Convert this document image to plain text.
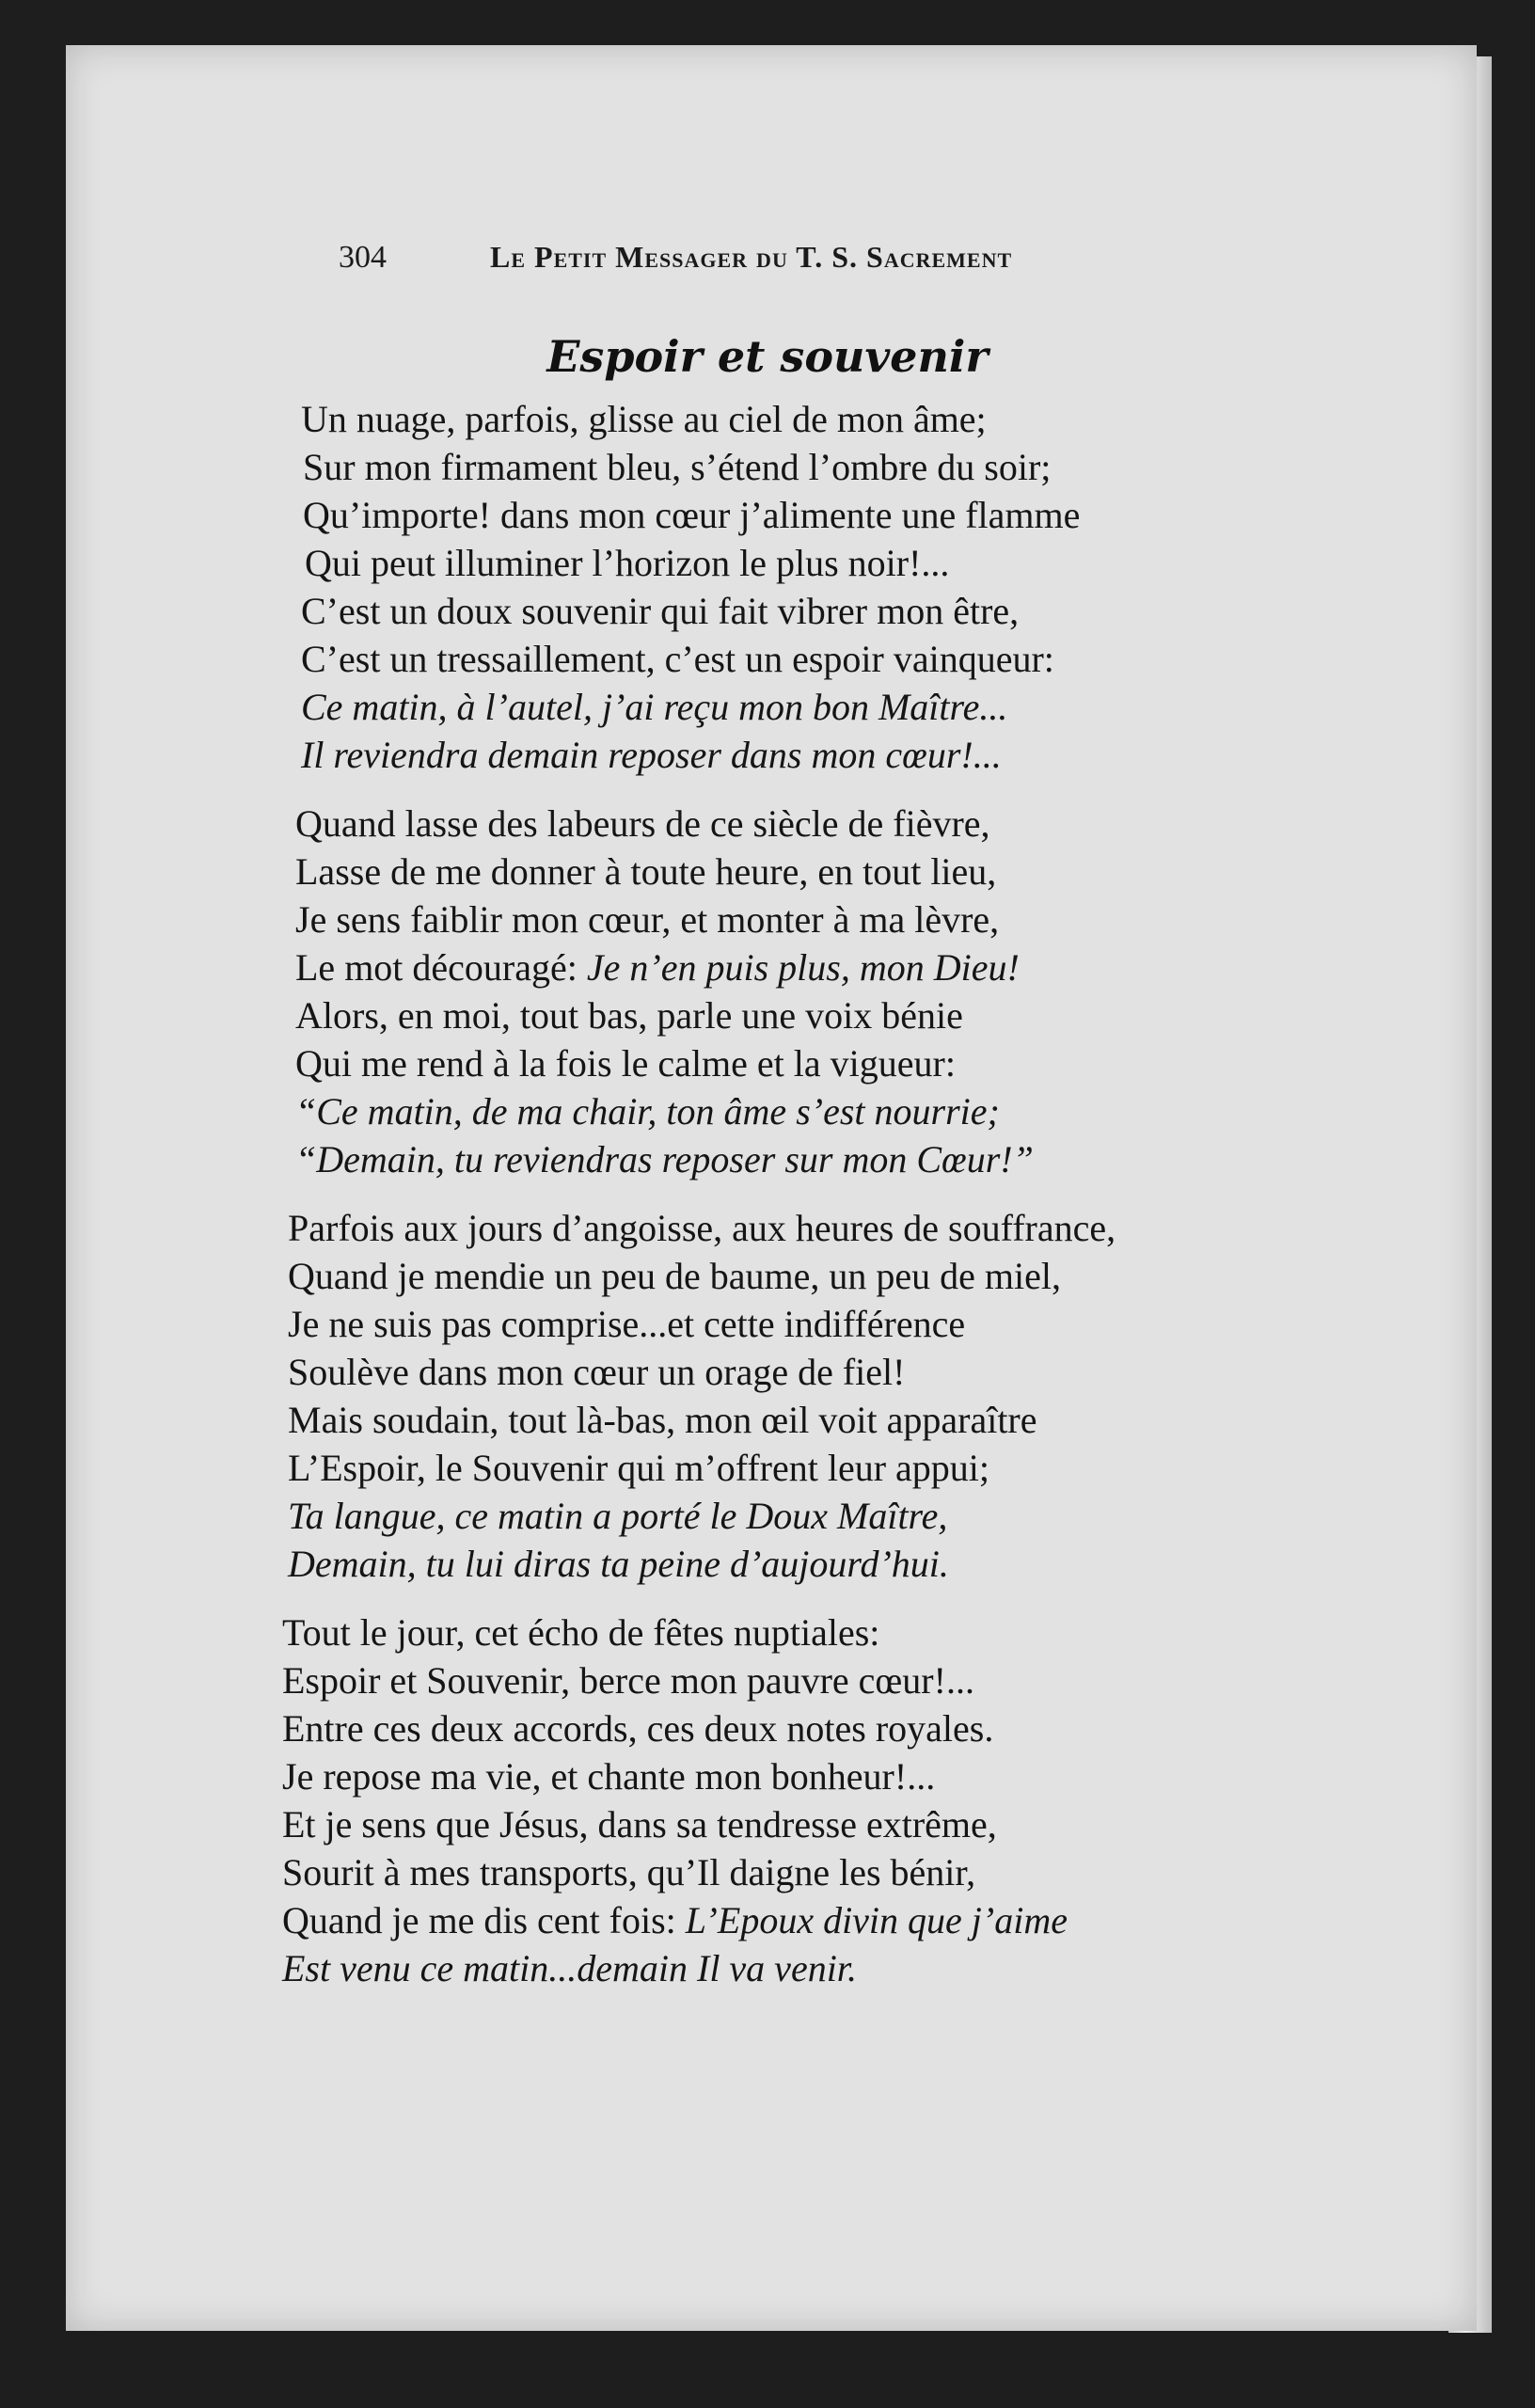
304	Le Petit Messager du T. S. Sacrement
Espoir et souvenir
Un nuage, parfois, glisse au ciel de mon âme;
Sur mon firmament bleu, s’étend l’ombre du soir;
Qu’importe! dans mon cœur j’alimente une flamme
Qui peut illuminer l’horizon le plus noir!...
C’est un doux souvenir qui fait vibrer mon être,
C’est un tressaillement, c’est un espoir vainqueur:
Ce matin, à l’autel, j’ai reçu mon bon Maître...
Il reviendra demain reposer dans mon cœur!...
Quand lasse des labeurs de ce siècle de fièvre,
Lasse de me donner à toute heure, en tout lieu,
Je sens faiblir mon cœur, et monter à ma lèvre,
Le mot découragé: Je n’en puis plus, mon Dieu!
Alors, en moi, tout bas, parle une voix bénie
Qui me rend à la fois le calme et la vigueur:
“Ce matin, de ma chair, ton âme s’est nourrie;
“Demain, tu reviendras reposer sur mon Cœur!”
Parfois aux jours d’angoisse, aux heures de souffrance,
Quand je mendie un peu de baume, un peu de miel,
Je ne suis pas comprise...et cette indifférence
Soulève dans mon cœur un orage de fiel!
Mais soudain, tout là-bas, mon œil voit apparaître
L’Espoir, le Souvenir qui m’offrent leur appui;
Ta langue, ce matin a porté le Doux Maître,
Demain, tu lui diras ta peine d’aujourd’hui.
Tout le jour, cet écho de fêtes nuptiales:
Espoir et Souvenir, berce mon pauvre cœur!...
Entre ces deux accords, ces deux notes royales.
Je repose ma vie, et chante mon bonheur!...
Et je sens que Jésus, dans sa tendresse extrême,
Sourit à mes transports, qu’Il daigne les bénir,
Quand je me dis cent fois: L’Epoux divin que j’aime
Est venu ce matin...demain Il va venir.
